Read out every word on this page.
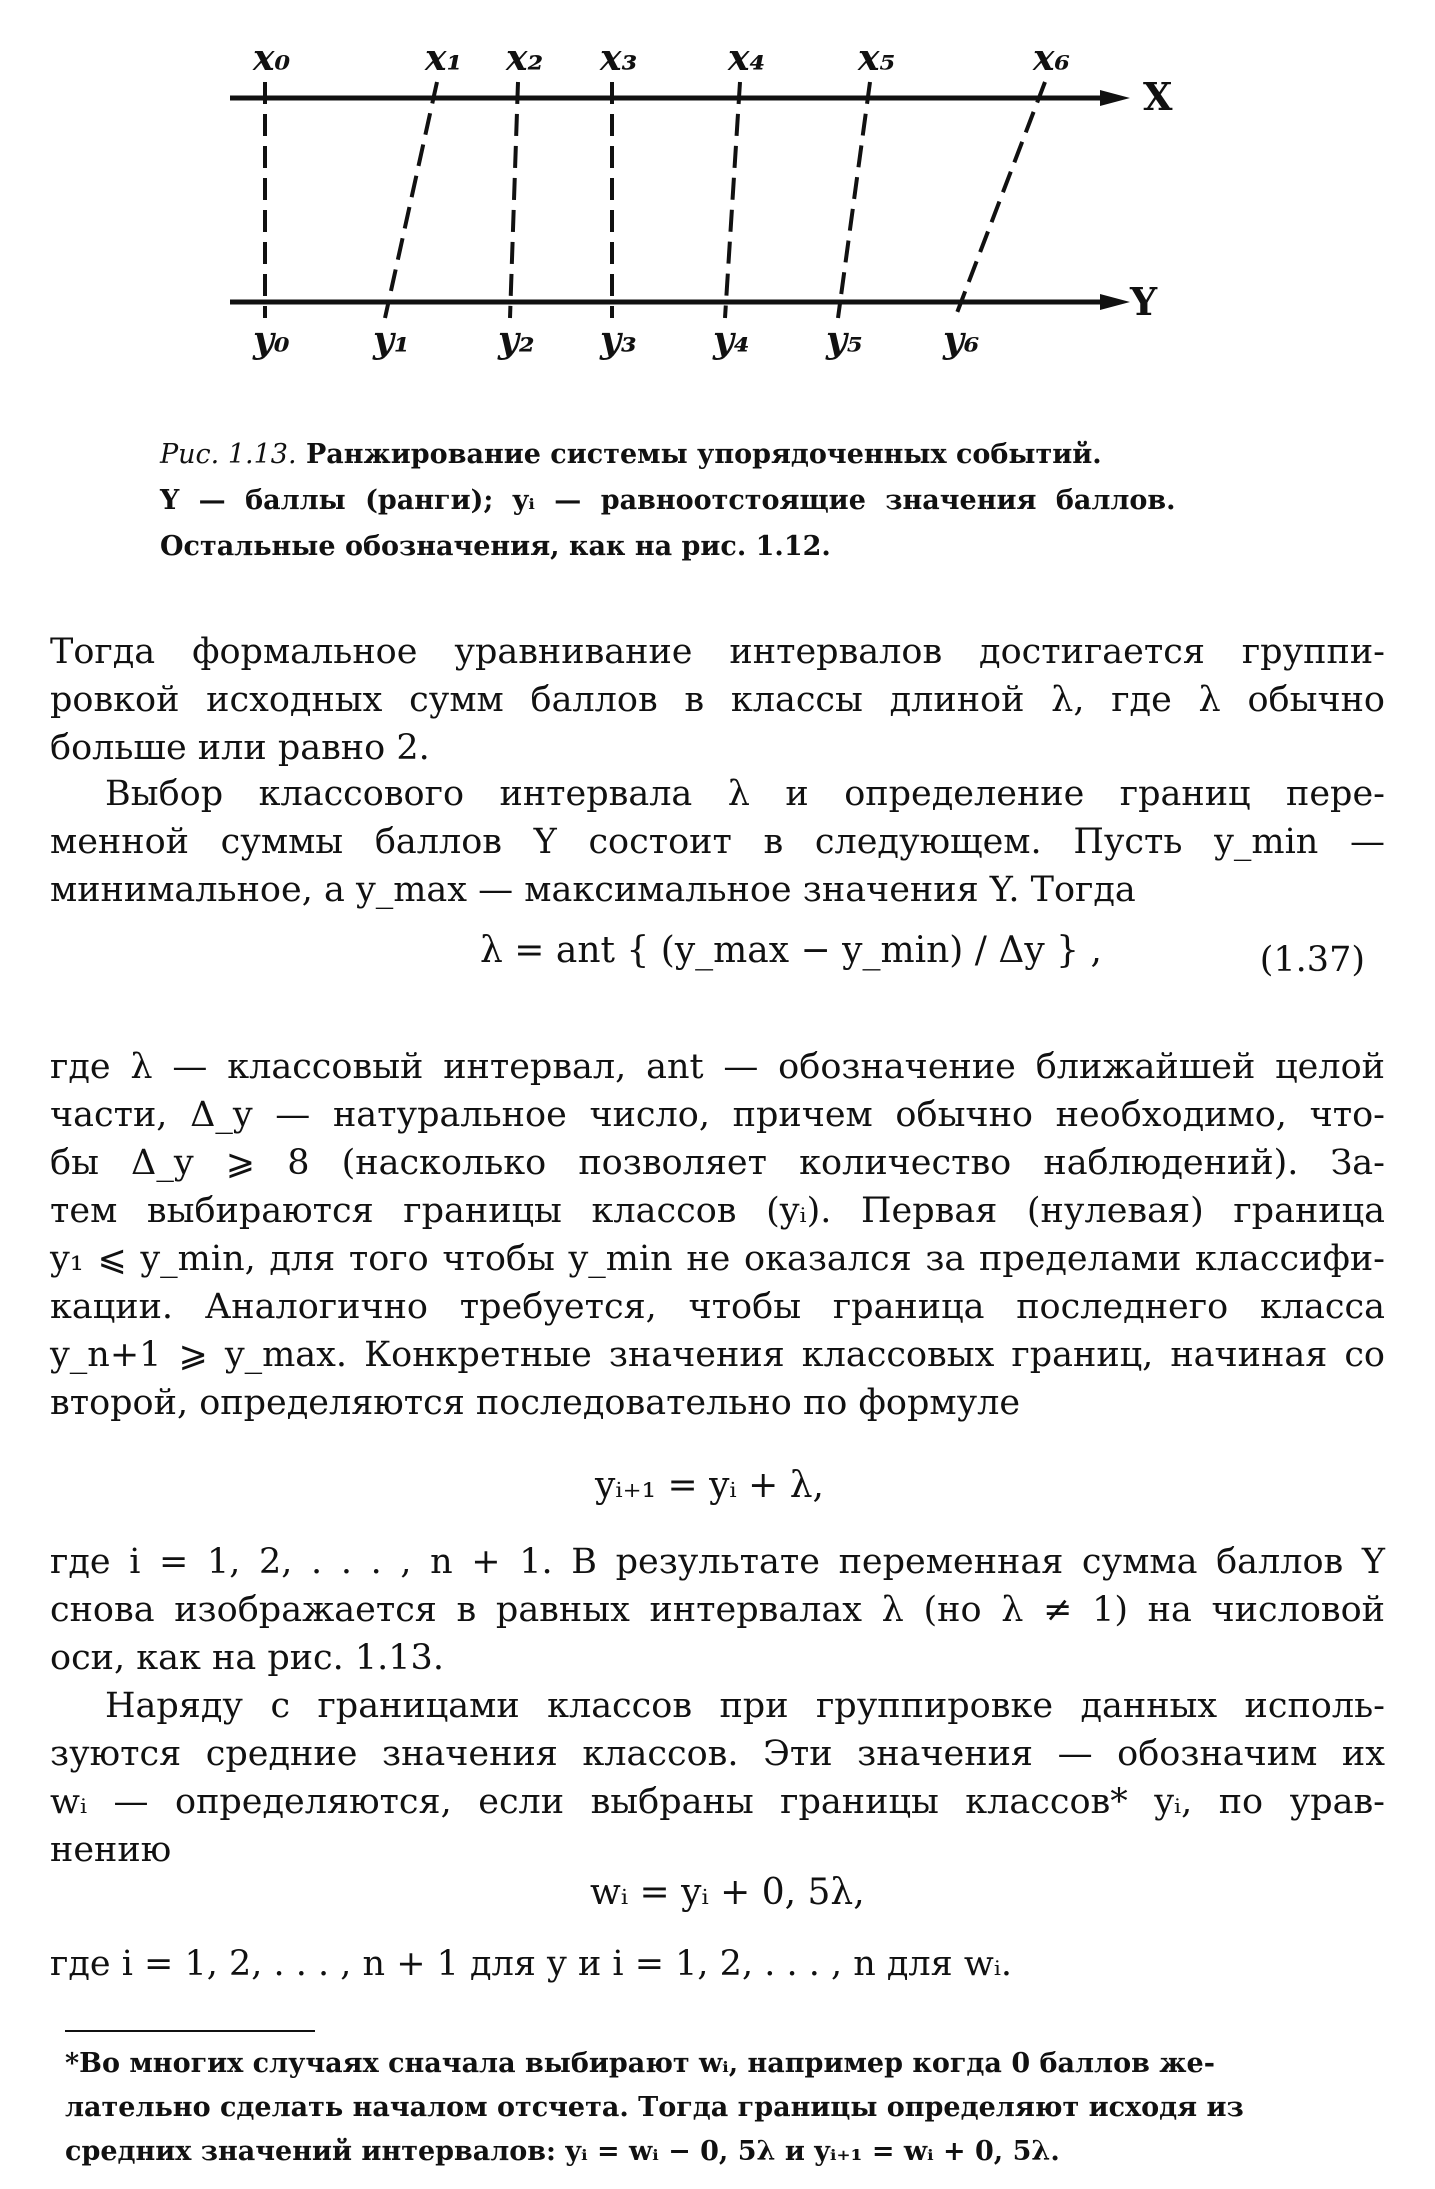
X
Y
x₀	x₁ x₂ x₃	x₄	x₅	x₆
y₀ y₁ y₂ y₃ y₄ y₅ y₆
Рис. 1.13. Ранжирование системы упорядоченных событий.
Y — баллы (ранги); yᵢ — равноотстоящие значения баллов.
Остальные обозначения, как на рис. 1.12.
Тогда формальное уравнивание интервалов достигается группи-
ровкой исходных сумм баллов в классы длиной λ, где λ обычно
больше или равно 2.
Выбор классового интервала λ и определение границ пере-
менной суммы баллов Y состоит в следующем. Пусть y_min —
минимальное, а y_max — максимальное значения Y. Тогда
λ = ant { (y_max − y_min) / Δy } ,	(1.37)
где λ — классовый интервал, ant — обозначение ближайшей целой
части, Δ_y — натуральное число, причем обычно необходимо, что-
бы Δ_y ⩾ 8 (насколько позволяет количество наблюдений). За-
тем выбираются границы классов (yᵢ). Первая (нулевая) граница
y₁ ⩽ y_min, для того чтобы y_min не оказался за пределами классифи-
кации. Аналогично требуется, чтобы граница последнего класса
y_n+1 ⩾ y_max. Конкретные значения классовых границ, начиная со
второй, определяются последовательно по формуле
yᵢ₊₁ = yᵢ + λ,
где i = 1, 2, . . . , n + 1. В результате переменная сумма баллов Y
снова изображается в равных интервалах λ (но λ ≠ 1) на числовой
оси, как на рис. 1.13.
Наряду с границами классов при группировке данных исполь-
зуются средние значения классов. Эти значения — обозначим их
wᵢ — определяются, если выбраны границы классов* yᵢ, по урав-
нению
wᵢ = yᵢ + 0, 5λ,
где i = 1, 2, . . . , n + 1 для y и i = 1, 2, . . . , n для wᵢ.
*Во многих случаях сначала выбирают wᵢ, например когда 0 баллов же-
лательно сделать началом отсчета. Тогда границы определяют исходя из
средних значений интервалов: yᵢ = wᵢ − 0, 5λ и yᵢ₊₁ = wᵢ + 0, 5λ.
